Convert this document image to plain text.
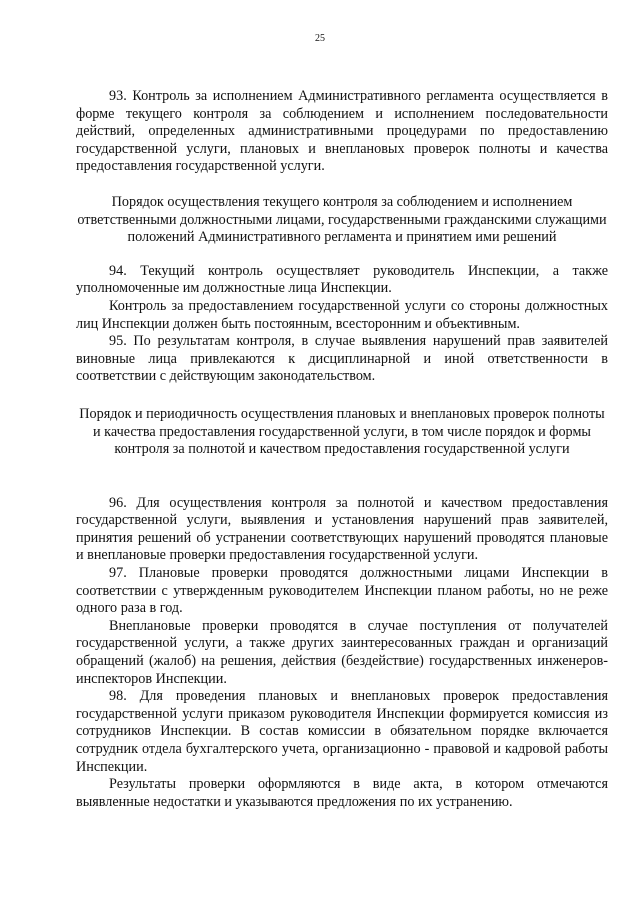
25

93. Контроль за исполнением Административного регламента осуществляется в форме текущего контроля за соблюдением и исполнением последовательности действий, определенных административными процедурами по предоставлению государственной услуги, плановых и внеплановых проверок полноты и качества предоставления государственной услуги.

Порядок осуществления текущего контроля за соблюдением и исполнением ответственными должностными лицами, государственными гражданскими служащими положений Административного регламента и принятием ими решений

94. Текущий контроль осуществляет руководитель Инспекции, а также уполномоченные им должностные лица Инспекции.

Контроль за предоставлением государственной услуги со стороны должностных лиц Инспекции должен быть постоянным, всесторонним и объективным.

95. По результатам контроля, в случае выявления нарушений прав заявителей виновные лица привлекаются к дисциплинарной и иной ответственности в соответствии с действующим законодательством.

Порядок и периодичность осуществления плановых и внеплановых проверок полноты и качества предоставления государственной услуги, в том числе порядок и формы контроля за полнотой и качеством предоставления государственной услуги

96. Для осуществления контроля за полнотой и качеством предоставления государственной услуги, выявления и установления нарушений прав заявителей, принятия решений об устранении соответствующих нарушений проводятся плановые и внеплановые проверки предоставления государственной услуги.

97. Плановые проверки проводятся должностными лицами Инспекции в соответствии с утвержденным руководителем Инспекции планом работы, но не реже одного раза в год.

Внеплановые проверки проводятся в случае поступления от получателей государственной услуги, а также других заинтересованных граждан и организаций обращений (жалоб) на решения, действия (бездействие) государственных инженеров-инспекторов Инспекции.

98. Для проведения плановых и внеплановых проверок предоставления государственной услуги приказом руководителя Инспекции формируется комиссия из сотрудников Инспекции. В состав комиссии в обязательном порядке включается сотрудник отдела бухгалтерского учета, организационно - правовой и кадровой работы Инспекции.

Результаты проверки оформляются в виде акта, в котором отмечаются выявленные недостатки и указываются предложения по их устранению.
